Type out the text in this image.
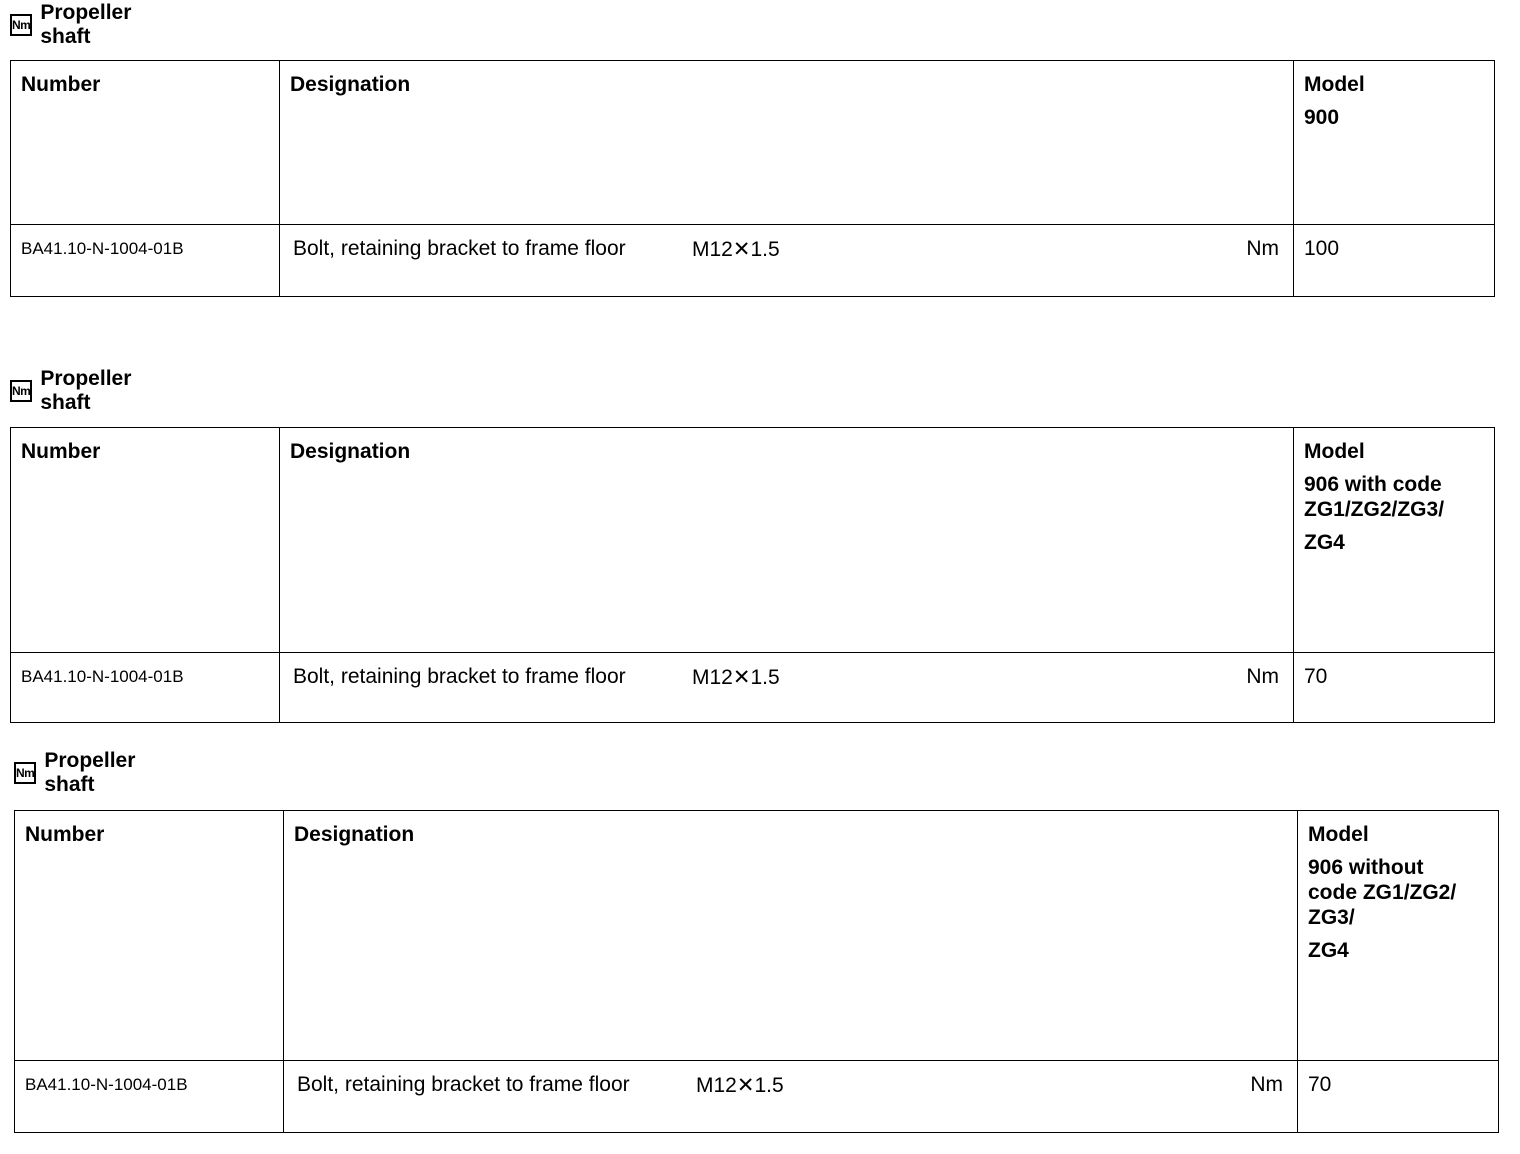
Nm
Propeller shaft
Number	Designation	Model
900

BA41.10-N-1004-01B	Bolt, retaining bracket to frame floor M12✕1.5 Nm	100
Nm
Propeller shaft
Number	Designation	Model
906 with code
ZG1/ZG2/ZG3/
ZG4

BA41.10-N-1004-01B	Bolt, retaining bracket to frame floor M12✕1.5 Nm	70
Nm
Propeller shaft
Number	Designation	Model
906 without
code ZG1/ZG2/
ZG3/
ZG4

BA41.10-N-1004-01B	Bolt, retaining bracket to frame floor M12✕1.5 Nm	70
